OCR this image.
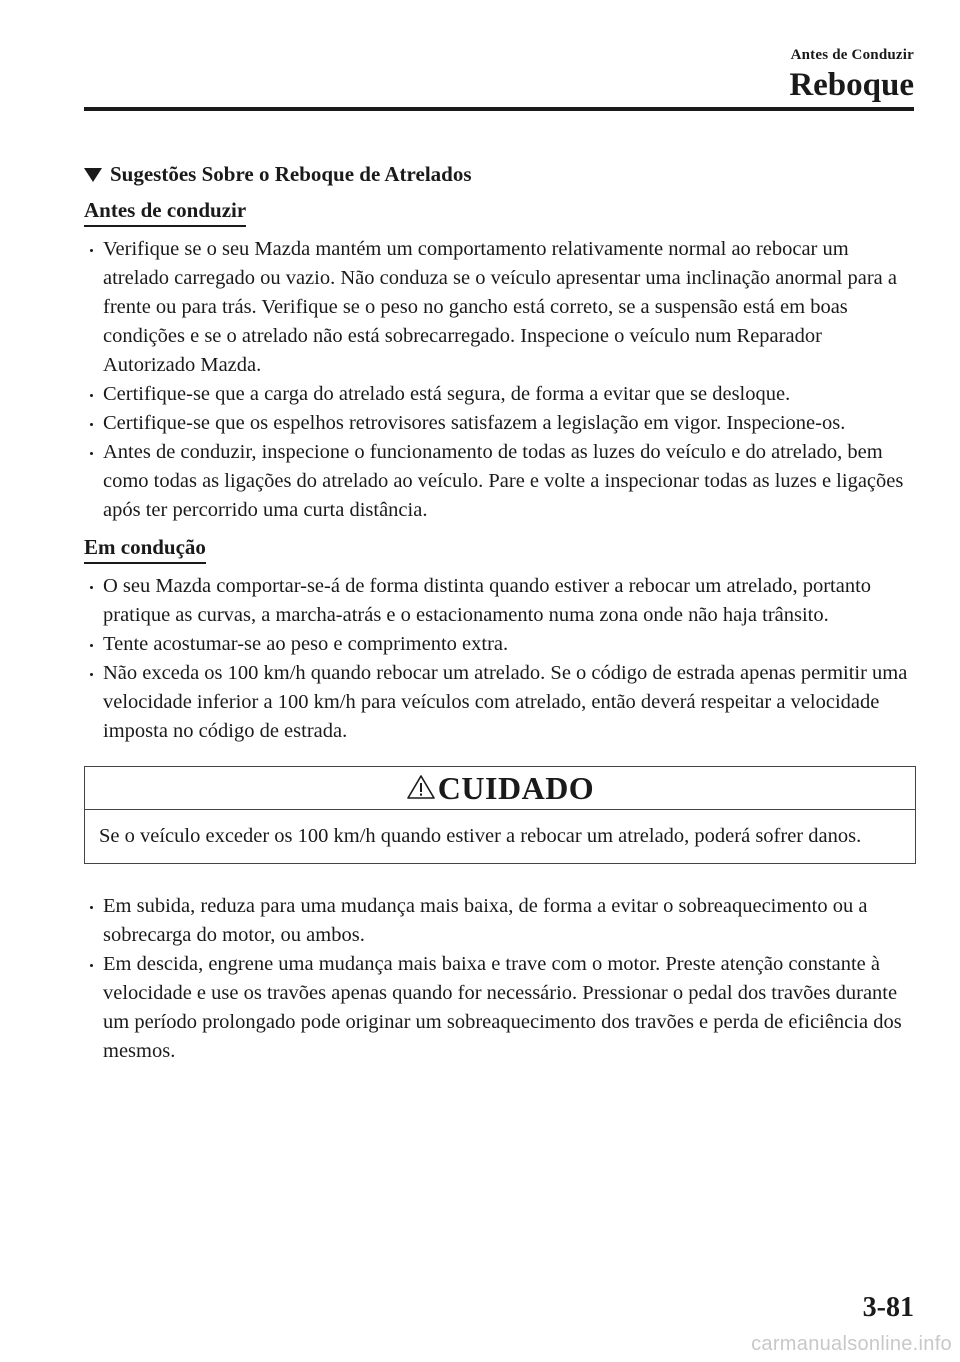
Antes de Conduzir
Reboque
Sugestões Sobre o Reboque de Atrelados
Antes de conduzir
Verifique se o seu Mazda mantém um comportamento relativamente normal ao rebocar um atrelado carregado ou vazio. Não conduza se o veículo apresentar uma inclinação anormal para a frente ou para trás. Verifique se o peso no gancho está correto, se a suspensão está em boas condições e se o atrelado não está sobrecarregado. Inspecione o veículo num Reparador Autorizado Mazda.
Certifique-se que a carga do atrelado está segura, de forma a evitar que se desloque.
Certifique-se que os espelhos retrovisores satisfazem a legislação em vigor. Inspecione-os.
Antes de conduzir, inspecione o funcionamento de todas as luzes do veículo e do atrelado, bem como todas as ligações do atrelado ao veículo. Pare e volte a inspecionar todas as luzes e ligações após ter percorrido uma curta distância.
Em condução
O seu Mazda comportar-se-á de forma distinta quando estiver a rebocar um atrelado, portanto pratique as curvas, a marcha-atrás e o estacionamento numa zona onde não haja trânsito.
Tente acostumar-se ao peso e comprimento extra.
Não exceda os 100 km/h quando rebocar um atrelado. Se o código de estrada apenas permitir uma velocidade inferior a 100 km/h para veículos com atrelado, então deverá respeitar a velocidade imposta no código de estrada.
CUIDADO
Se o veículo exceder os 100 km/h quando estiver a rebocar um atrelado, poderá sofrer danos.
Em subida, reduza para uma mudança mais baixa, de forma a evitar o sobreaquecimento ou a sobrecarga do motor, ou ambos.
Em descida, engrene uma mudança mais baixa e trave com o motor. Preste atenção constante à velocidade e use os travões apenas quando for necessário. Pressionar o pedal dos travões durante um período prolongado pode originar um sobreaquecimento dos travões e perda de eficiência dos mesmos.
3-81
carmanualsonline.info
